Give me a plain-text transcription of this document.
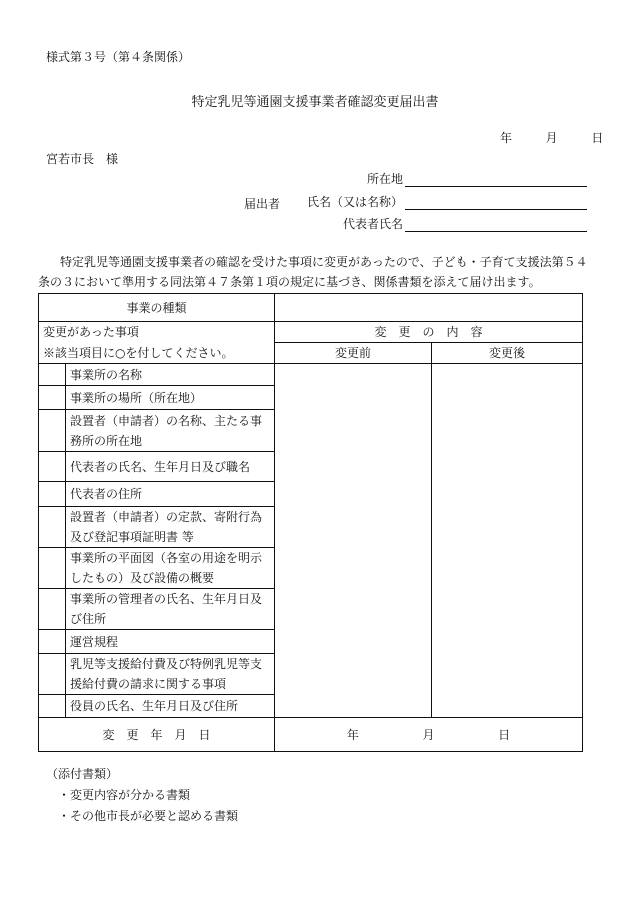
様式第３号（第４条関係）
特定乳児等通園支援事業者確認変更届出書
年	月	日
宮若市長　様
所在地
届出者 氏名（又は名称）
代表者氏名
特定乳児等通園支援事業者の確認を受けた事項に変更があったので、子ども・子育て支援法第５４条の３において準用する同法第４７条第１項の規定に基づき、関係書類を添えて届け出ます。
事業の種類			
変更があった事項		変　更　の　内　容	
※該当項目に○を付してください。		変更前	変更後
	事業所の名称		
	事業所の場所（所在地）		
	設置者（申請者）の名称、主たる事務所の所在地		
	代表者の氏名、生年月日及び職名		
	代表者の住所		
	設置者（申請者）の定款、寄附行為及び登記事項証明書 等		
	事業所の平面図（各室の用途を明示したもの）及び設備の概要		
	事業所の管理者の氏名、生年月日及び住所		
	運営規程		
	乳児等支援給付費及び特例乳児等支援給付費の請求に関する事項		
	役員の氏名、生年月日及び住所		
変　更　年　月　日		年 月 日	
（添付書類）
・変更内容が分かる書類
・その他市長が必要と認める書類
